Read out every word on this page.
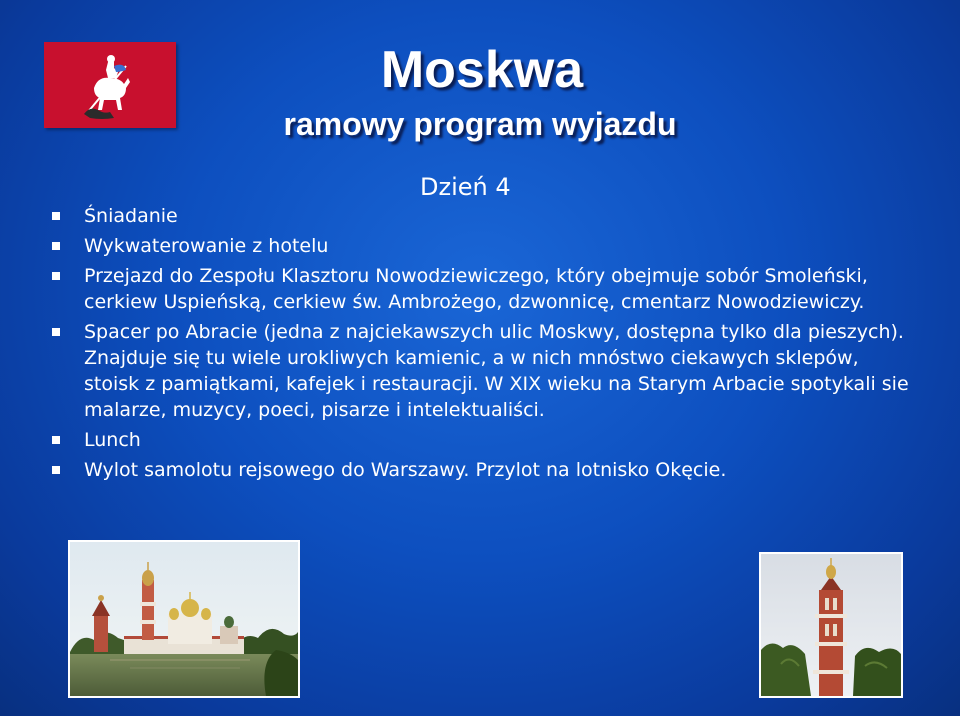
Moskwa
ramowy program wyjazdu
Dzień 4
Śniadanie
Wykwaterowanie z hotelu
Przejazd do Zespołu Klasztoru Nowodziewiczego, który obejmuje sobór Smoleński, cerkiew Uspieńską, cerkiew św. Ambrożego, dzwonnicę, cmentarz Nowodziewiczy.
Spacer po Abracie (jedna z najciekawszych ulic Moskwy, dostępna tylko dla pieszych). Znajduje się tu wiele urokliwych kamienic, a w nich mnóstwo ciekawych sklepów, stoisk z pamiątkami, kafejek i restauracji. W XIX wieku na Starym Arbacie spotykali sie malarze, muzycy, poeci, pisarze i intelektualiści.
Lunch
Wylot samolotu rejsowego do Warszawy. Przylot na lotnisko Okęcie.
